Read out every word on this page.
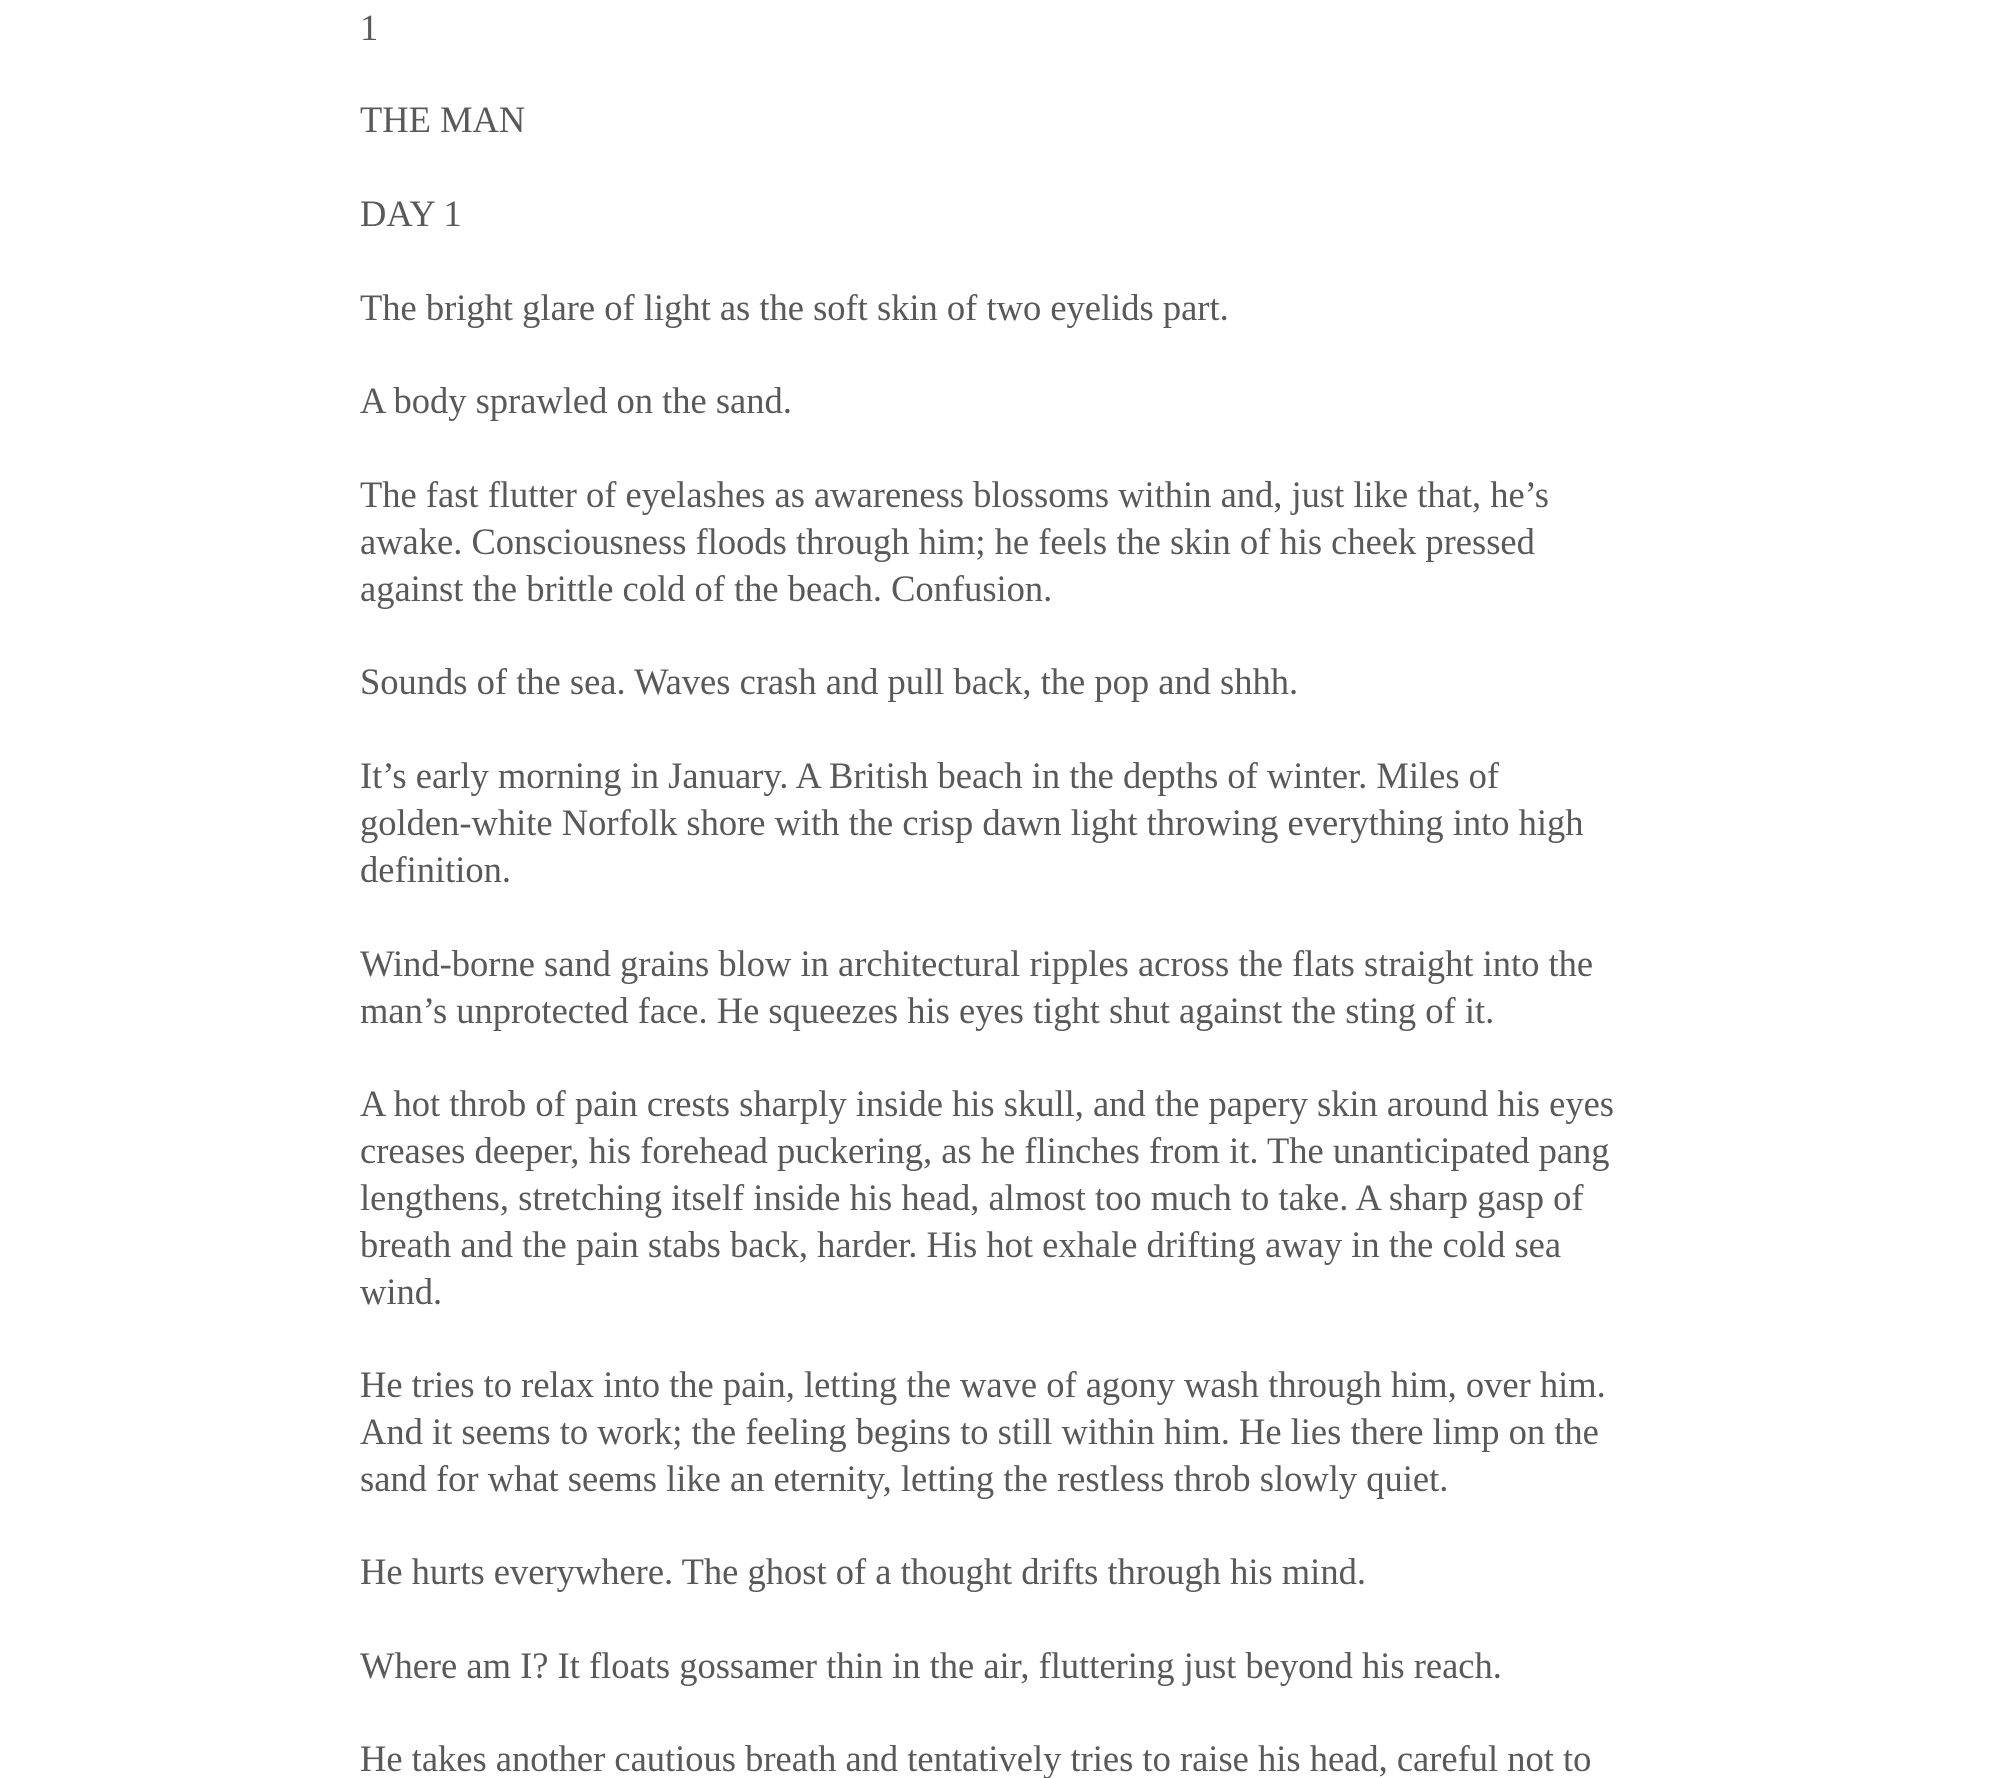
1

THE MAN

DAY 1

The bright glare of light as the soft skin of two eyelids part.

A body sprawled on the sand.

The fast flutter of eyelashes as awareness blossoms within and, just like that, he’s
awake. Consciousness floods through him; he feels the skin of his cheek pressed
against the brittle cold of the beach. Confusion.

Sounds of the sea. Waves crash and pull back, the pop and shhh.

It’s early morning in January. A British beach in the depths of winter. Miles of
golden-white Norfolk shore with the crisp dawn light throwing everything into high
definition.

Wind-borne sand grains blow in architectural ripples across the flats straight into the
man’s unprotected face. He squeezes his eyes tight shut against the sting of it.

A hot throb of pain crests sharply inside his skull, and the papery skin around his eyes
creases deeper, his forehead puckering, as he flinches from it. The unanticipated pang
lengthens, stretching itself inside his head, almost too much to take. A sharp gasp of
breath and the pain stabs back, harder. His hot exhale drifting away in the cold sea
wind.

He tries to relax into the pain, letting the wave of agony wash through him, over him.
And it seems to work; the feeling begins to still within him. He lies there limp on the
sand for what seems like an eternity, letting the restless throb slowly quiet.

He hurts everywhere. The ghost of a thought drifts through his mind.

Where am I? It floats gossamer thin in the air, fluttering just beyond his reach.

He takes another cautious breath and tentatively tries to raise his head, careful not to
